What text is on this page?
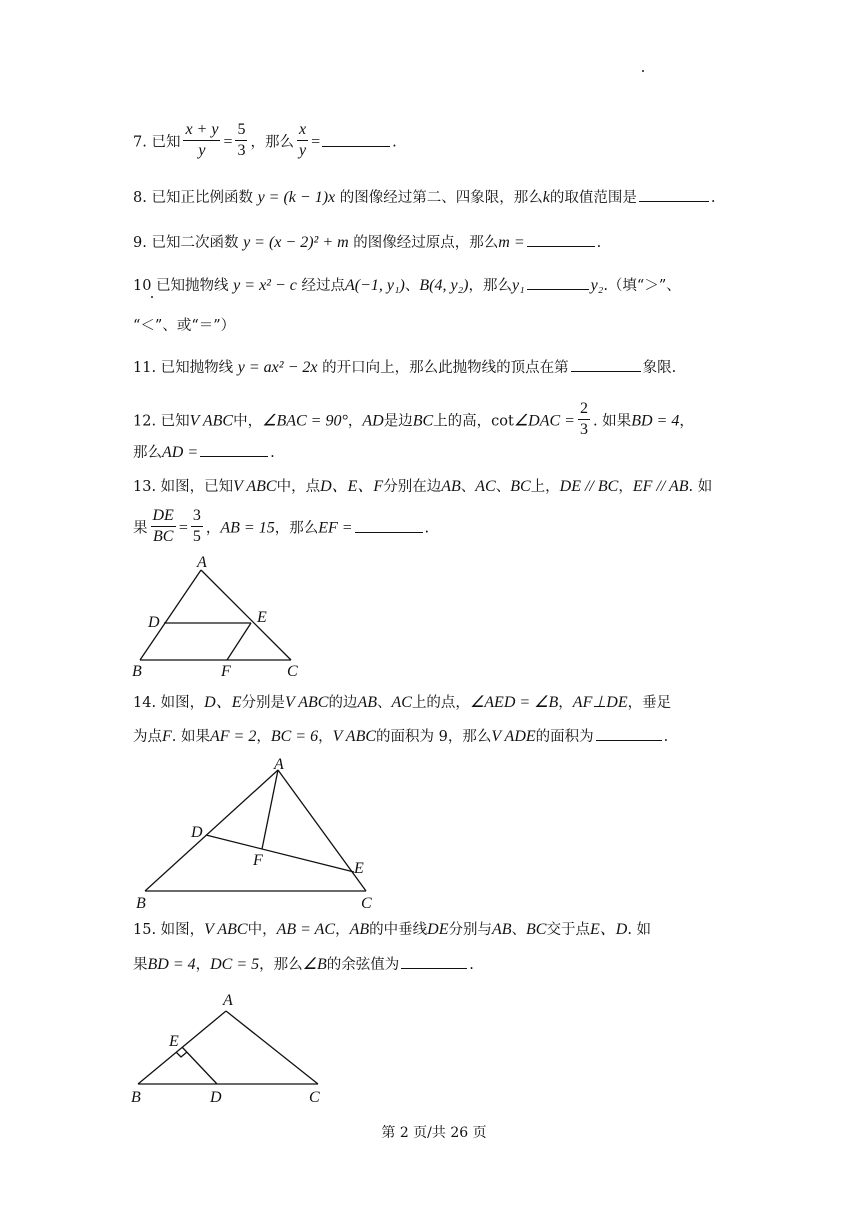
7. 已知 $\frac{x + y}{y} = \frac{5}{3}$ ，那么 $\frac{x}{y}$ =	.
8. 已知正比例函数 y = (k − 1)x 的图像经过第二、四象限，那么k的取值范围是	.
9. 已知二次函数 y = (x − 2)² + m 的图像经过原点，那么m =	.
10 已知抛物线 y = x² − c 经过点A(−1, y₁)、B(4, y₂)，那么y₁	y₂.（填“＞”、
“＜”、或“＝”）
11. 已知抛物线 y = ax² − 2x 的开口向上，那么此抛物线的顶点在第	象限.
12. 已知V ABC中，∠BAC = 90°，AD是边BC上的高，cot∠DAC = $\frac{2}{3}$ . 如果BD = 4，
那么AD =	.
13. 如图，已知V ABC中，点D、E、F分别在边AB、AC、BC上，DE // BC，EF // AB. 如
果 $\frac{DE}{BC} = \frac{3}{5}$ ，AB = 15，那么EF =	.
A
D	E
B	F	C
14. 如图，D、E分别是V ABC的边AB、AC上的点，∠AED = ∠B，AF⊥DE，垂足
为点F. 如果AF = 2，BC = 6，V ABC的面积为 9，那么V ADE的面积为	.
A
D
F	E
B	C
15. 如图，V ABC中，AB = AC，AB的中垂线DE分别与AB、BC交于点E、D. 如
果BD = 4，DC = 5，那么∠B的余弦值为	.
A
E
B	D	C
第 2 页/共 26 页
